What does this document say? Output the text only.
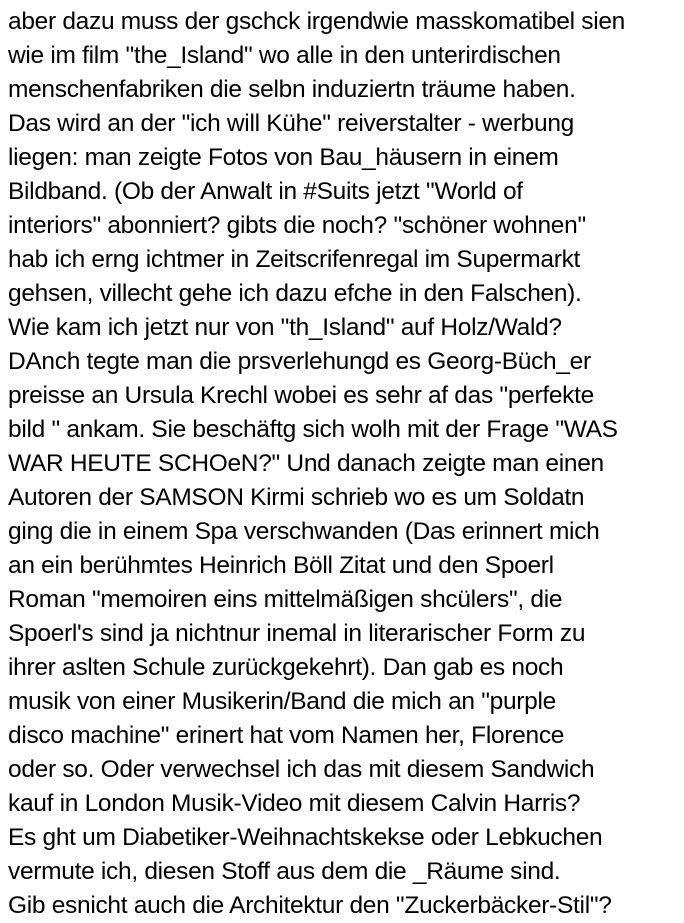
aber dazu muss der gschck irgendwie masskomatibel sien
wie im film "the_Island" wo alle in den unterirdischen
menschenfabriken die selbn induziertn träume haben.
Das wird an der "ich will Kühe" reiverstalter - werbung
liegen: man zeigte Fotos von Bau_häusern in einem
Bildband. (Ob der Anwalt in #Suits jetzt "World of
interiors" abonniert? gibts die noch? "schöner wohnen"
hab ich erng ichtmer in Zeitscrifenregal im Supermarkt
gehsen, villecht gehe ich dazu efche in den Falschen).
Wie kam ich jetzt nur von "th_Island" auf Holz/Wald?
DAnch tegte man die prsverlehungd es Georg-Büch_er
preisse an Ursula Krechl wobei es sehr af das "perfekte
bild " ankam. Sie beschäftg sich wolh mit der Frage "WAS
WAR HEUTE SCHOeN?" Und danach zeigte man einen
Autoren der SAMSON Kirmi schrieb wo es um Soldatn
ging die in einem Spa verschwanden (Das erinnert mich
an ein berühmtes Heinrich Böll Zitat und den Spoerl
Roman "memoiren eins mittelmäßigen shcülers", die
Spoerl's sind ja nichtnur inemal in literarischer Form zu
ihrer aslten Schule zurückgekehrt). Dan gab es noch
musik von einer Musikerin/Band die mich an "purple
disco machine" erinert hat vom Namen her, Florence
oder so. Oder verwechsel ich das mit diesem Sandwich
kauf in London Musik-Video mit diesem Calvin Harris?
Es ght um Diabetiker-Weihnachtskekse oder Lebkuchen
vermute ich, diesen Stoff aus dem die _Räume sind.
Gib esnicht auch die Architektur den "Zuckerbäcker-Stil"?
